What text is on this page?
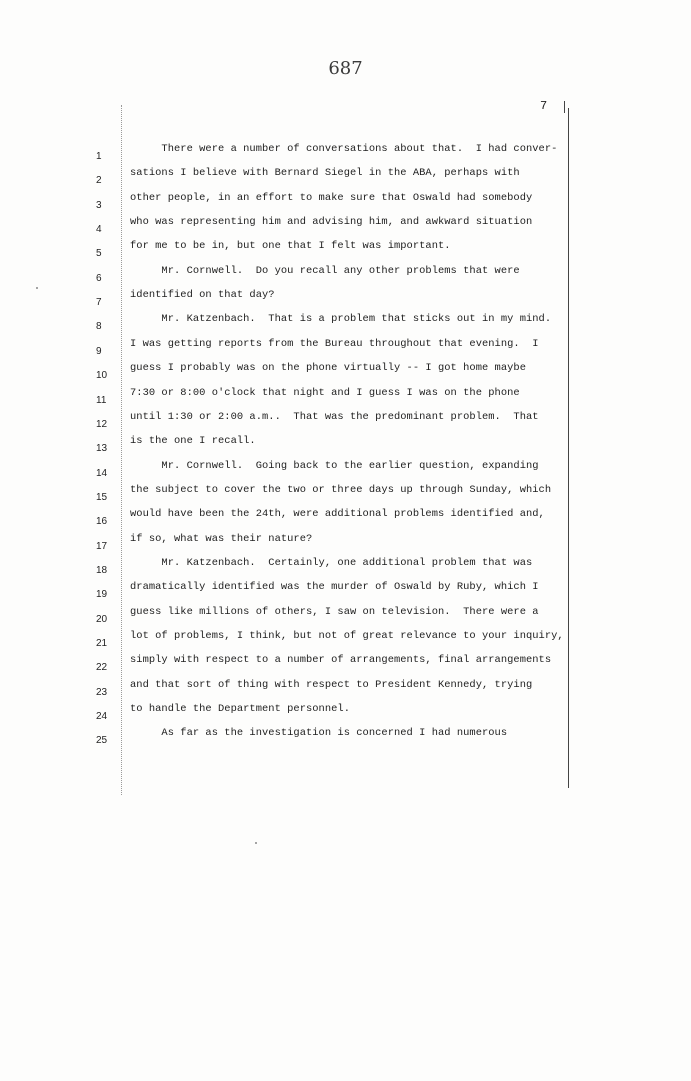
687
7
1
There were a number of conversations about that.  I had conver-
2
sations I believe with Bernard Siegel in the ABA, perhaps with
3
other people, in an effort to make sure that Oswald had somebody
4
who was representing him and advising him, and awkward situation
5
for me to be in, but one that I felt was important.
6
Mr. Cornwell.  Do you recall any other problems that were
7
identified on that day?
8
Mr. Katzenbach.  That is a problem that sticks out in my mind.
9
I was getting reports from the Bureau throughout that evening.  I
10
guess I probably was on the phone virtually -- I got home maybe
11
7:30 or 8:00 o'clock that night and I guess I was on the phone
12
until 1:30 or 2:00 a.m..  That was the predominant problem.  That
13
is the one I recall.
14
Mr. Cornwell.  Going back to the earlier question, expanding
15
the subject to cover the two or three days up through Sunday, which
16
would have been the 24th, were additional problems identified and,
17
if so, what was their nature?
18
Mr. Katzenbach.  Certainly, one additional problem that was
19
dramatically identified was the murder of Oswald by Ruby, which I
20
guess like millions of others, I saw on television.  There were a
21
lot of problems, I think, but not of great relevance to your inquiry,
22
simply with respect to a number of arrangements, final arrangements
23
and that sort of thing with respect to President Kennedy, trying
24
to handle the Department personnel.
25
As far as the investigation is concerned I had numerous
